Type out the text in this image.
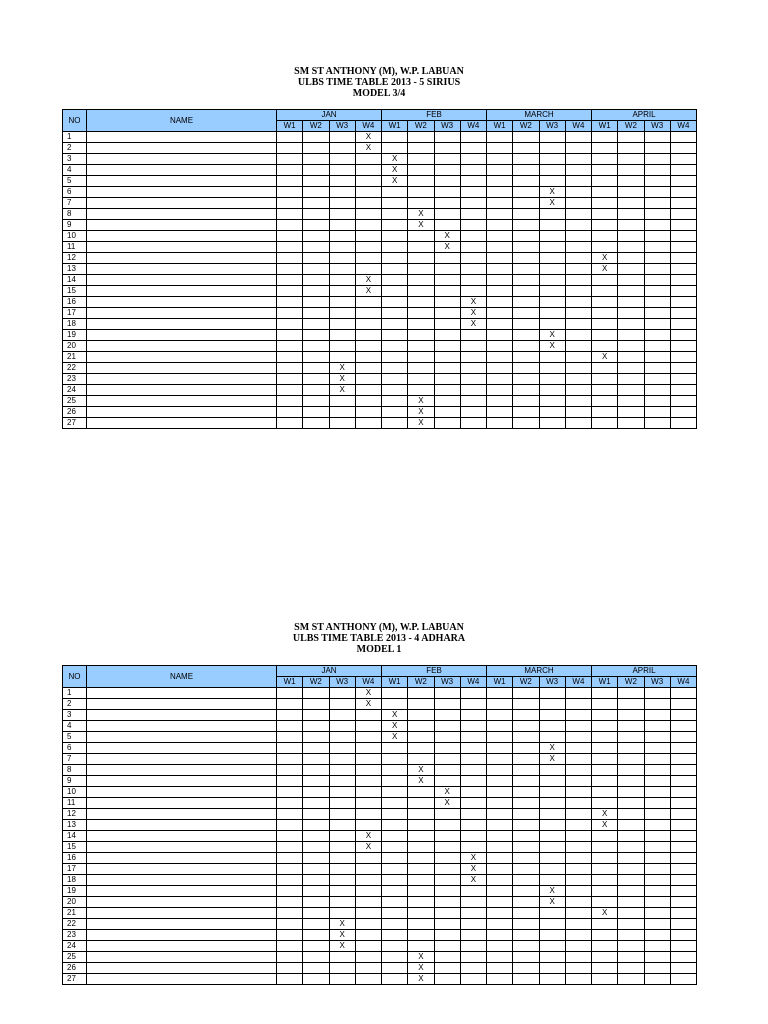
SM ST ANTHONY (M), W.P. LABUAN
ULBS TIME TABLE 2013 - 5 SIRIUS
MODEL 3/4
NO	NAME	JAN				FEB				MARCH				APRIL			
		W1	W2	W3	W4	W1	W2	W3	W4	W1	W2	W3	W4	W1	W2	W3	W4
1					X												
2					X												
3						X											
4						X											
5						X											
6												X					
7												X					
8							X										
9							X										
10								X									
11								X									
12														X			
13														X			
14					X												
15					X												
16									X								
17									X								
18									X								
19												X					
20												X					
21														X			
22				X													
23				X													
24				X													
25							X										
26							X										
27							X										
SM ST ANTHONY (M), W.P. LABUAN
ULBS TIME TABLE 2013 - 4 ADHARA
MODEL 1
NO	NAME	JAN				FEB				MARCH				APRIL			
		W1	W2	W3	W4	W1	W2	W3	W4	W1	W2	W3	W4	W1	W2	W3	W4
1					X												
2					X												
3						X											
4						X											
5						X											
6												X					
7												X					
8							X										
9							X										
10								X									
11								X									
12														X			
13														X			
14					X												
15					X												
16									X								
17									X								
18									X								
19												X					
20												X					
21														X			
22				X													
23				X													
24				X													
25							X										
26							X										
27							X										
